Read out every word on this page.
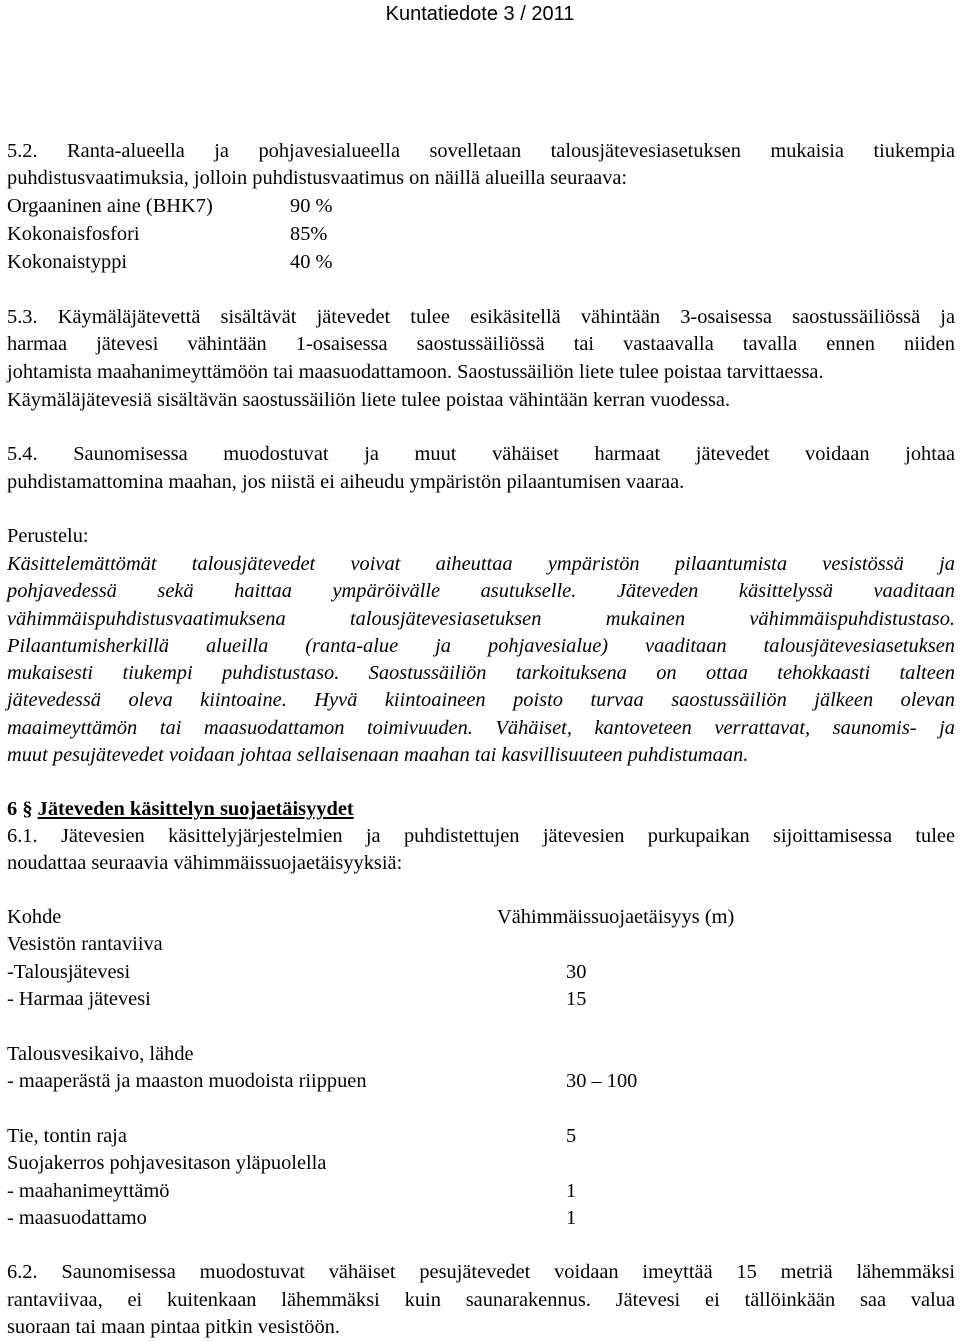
Kuntatiedote 3 / 2011
5.2. Ranta-alueella ja pohjavesialueella sovelletaan talousjätevesiasetuksen mukaisia tiukempia
puhdistusvaatimuksia, jolloin puhdistusvaatimus on näillä alueilla seuraava:
Orgaaninen aine (BHK7)	90 %
Kokonaisfosfori	85%
Kokonaistyppi	40 %
5.3. Käymäläjätevettä sisältävät jätevedet tulee esikäsitellä vähintään 3-osaisessa saostussäiliössä ja
harmaa jätevesi vähintään 1-osaisessa saostussäiliössä tai vastaavalla tavalla ennen niiden
johtamista maahanimeyttämöön tai maasuodattamoon. Saostussäiliön liete tulee poistaa tarvittaessa.
Käymäläjätevesiä sisältävän saostussäiliön liete tulee poistaa vähintään kerran vuodessa.
5.4. Saunomisessa muodostuvat ja muut vähäiset harmaat jätevedet voidaan johtaa
puhdistamattomina maahan, jos niistä ei aiheudu ympäristön pilaantumisen vaaraa.
Perustelu:
Käsittelemättömät talousjätevedet voivat aiheuttaa ympäristön pilaantumista vesistössä ja
pohjavedessä sekä haittaa ympäröivälle asutukselle. Jäteveden käsittelyssä vaaditaan
vähimmäispuhdistusvaatimuksena talousjätevesiasetuksen mukainen vähimmäispuhdistustaso.
Pilaantumisherkillä alueilla (ranta-alue ja pohjavesialue) vaaditaan talousjätevesiasetuksen
mukaisesti tiukempi puhdistustaso. Saostussäiliön tarkoituksena on ottaa tehokkaasti talteen
jätevedessä oleva kiintoaine. Hyvä kiintoaineen poisto turvaa saostussäiliön jälkeen olevan
maaimeyttämön tai maasuodattamon toimivuuden. Vähäiset, kantoveteen verrattavat, saunomis- ja
muut pesujätevedet voidaan johtaa sellaisenaan maahan tai kasvillisuuteen puhdistumaan.
6 § Jäteveden käsittelyn suojaetäisyydet
6.1. Jätevesien käsittelyjärjestelmien ja puhdistettujen jätevesien purkupaikan sijoittamisessa tulee
noudattaa seuraavia vähimmäissuojaetäisyyksiä:
Kohde	Vähimmäissuojaetäisyys (m)
Vesistön rantaviiva
-Talousjätevesi	30
- Harmaa jätevesi	15
Talousvesikaivo, lähde
- maaperästä ja maaston muodoista riippuen	30 – 100
Tie, tontin raja	5
Suojakerros pohjavesitason yläpuolella
- maahanimeyttämö	1
- maasuodattamo	1
6.2. Saunomisessa muodostuvat vähäiset pesujätevedet voidaan imeyttää 15 metriä lähemmäksi
rantaviivaa, ei kuitenkaan lähemmäksi kuin saunarakennus. Jätevesi ei tällöinkään saa valua
suoraan tai maan pintaa pitkin vesistöön.
